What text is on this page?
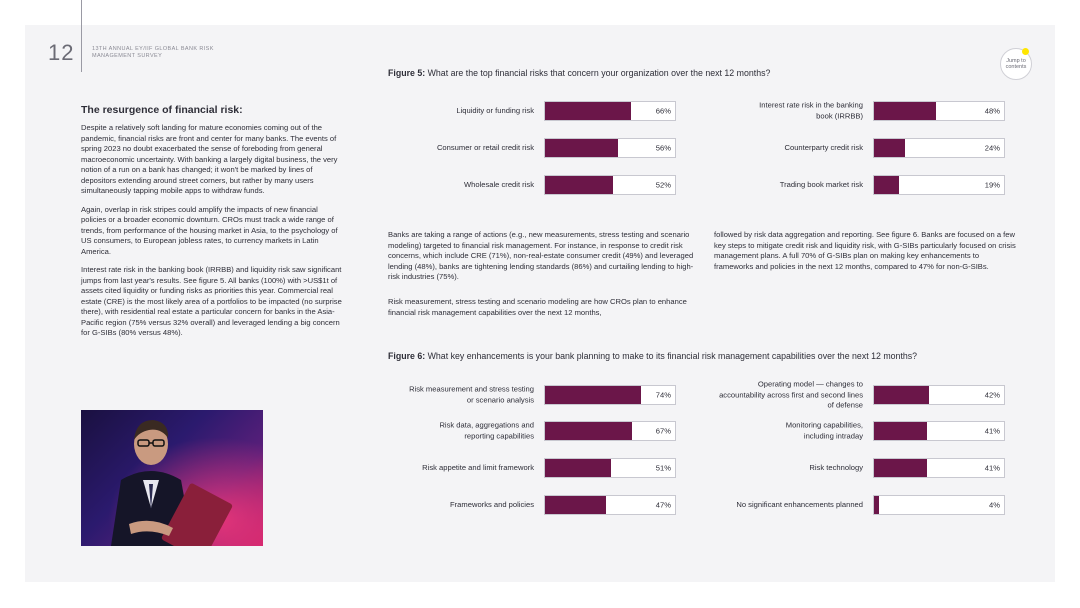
12	13TH ANNUAL EY/IIF GLOBAL BANK RISK MANAGEMENT SURVEY
Jump to contents
The resurgence of financial risk:

Despite a relatively soft landing for mature economies coming out of the pandemic, financial risks are front and center for many banks. The events of spring 2023 no doubt exacerbated the sense of foreboding from general macroeconomic uncertainty. With banking a largely digital business, the very notion of a run on a bank has changed; it won't be marked by lines of depositors extending around street corners, but rather by many users simultaneously tapping mobile apps to withdraw funds.

Again, overlap in risk stripes could amplify the impacts of new financial policies or a broader economic downturn. CROs must track a wide range of trends, from performance of the housing market in Asia, to the psychology of US consumers, to European jobless rates, to currency markets in Latin America.

Interest rate risk in the banking book (IRRBB) and liquidity risk saw significant jumps from last year's results. See figure 5. All banks (100%) with >US$1t of assets cited liquidity or funding risks as priorities this year. Commercial real estate (CRE) is the most likely area of a portfolios to be impacted (no surprise there), with residential real estate a particular concern for banks in the Asia-Pacific region (75% versus 32% overall) and leveraged lending a big concern for G-SIBs (80% versus 48%).

Figure 5: What are the top financial risks that concern your organization over the next 12 months?
Liquidity or funding risk	66%
Consumer or retail credit risk	56%
Wholesale credit risk	52%
Interest rate risk in the banking book (IRRBB)	48%
Counterparty credit risk	24%
Trading book market risk	19%

Banks are taking a range of actions (e.g., new measurements, stress testing and scenario modeling) targeted to financial risk management. For instance, in response to credit risk concerns, which include CRE (71%), non-real-estate consumer credit (49%) and leveraged lending (48%), banks are tightening lending standards (86%) and curtailing lending to high-risk industries (75%).

Risk measurement, stress testing and scenario modeling are how CROs plan to enhance financial risk management capabilities over the next 12 months,

followed by risk data aggregation and reporting. See figure 6. Banks are focused on a few key steps to mitigate credit risk and liquidity risk, with G-SIBs particularly focused on crisis management plans. A full 70% of G-SIBs plan on making key enhancements to frameworks and policies in the next 12 months, compared to 47% for non-G-SIBs.

Figure 6: What key enhancements is your bank planning to make to its financial risk management capabilities over the next 12 months?
Risk measurement and stress testing or scenario analysis	74%
Risk data, aggregations and reporting capabilities	67%
Risk appetite and limit framework	51%
Frameworks and policies	47%
Operating model — changes to accountability across first and second lines of defense
42%
Monitoring capabilities, including intraday	41%
Risk technology	41%
No significant enhancements planned	4%
